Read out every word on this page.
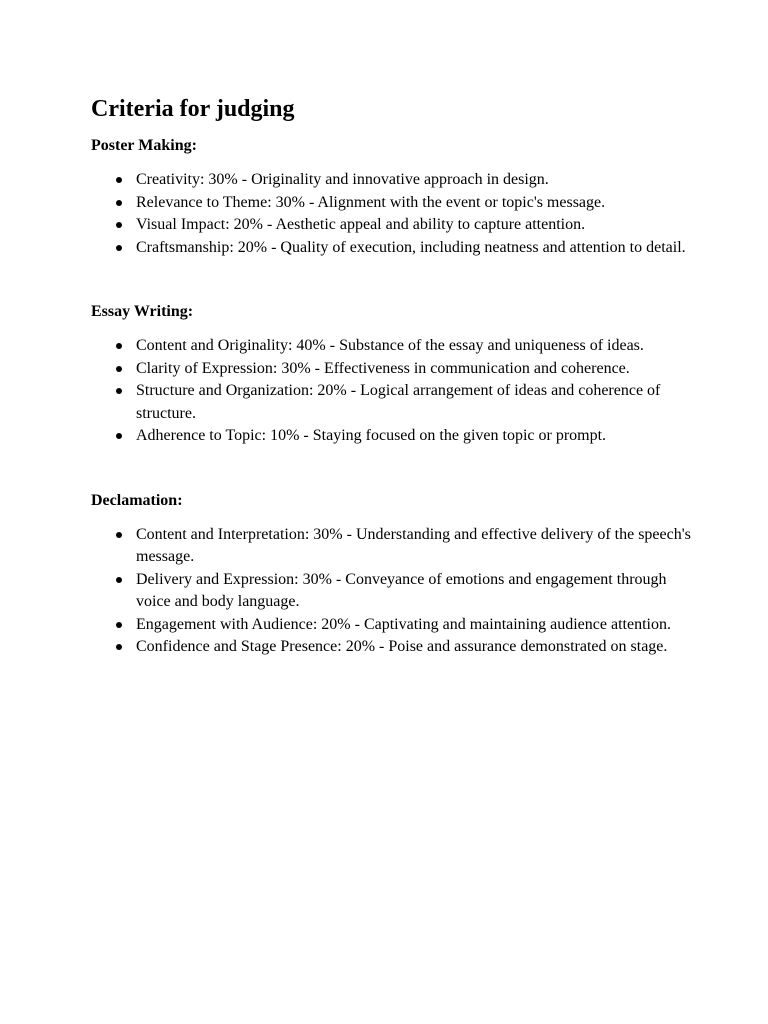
Criteria for judging

Poster Making:

Creativity: 30% - Originality and innovative approach in design.
Relevance to Theme: 30% - Alignment with the event or topic's message.
Visual Impact: 20% - Aesthetic appeal and ability to capture attention.
Craftsmanship: 20% - Quality of execution, including neatness and attention to detail.

Essay Writing:

Content and Originality: 40% - Substance of the essay and uniqueness of ideas.
Clarity of Expression: 30% - Effectiveness in communication and coherence.
Structure and Organization: 20% - Logical arrangement of ideas and coherence of structure.
Adherence to Topic: 10% - Staying focused on the given topic or prompt.

Declamation:

Content and Interpretation: 30% - Understanding and effective delivery of the speech's message.
Delivery and Expression: 30% - Conveyance of emotions and engagement through voice and body language.
Engagement with Audience: 20% - Captivating and maintaining audience attention.
Confidence and Stage Presence: 20% - Poise and assurance demonstrated on stage.
